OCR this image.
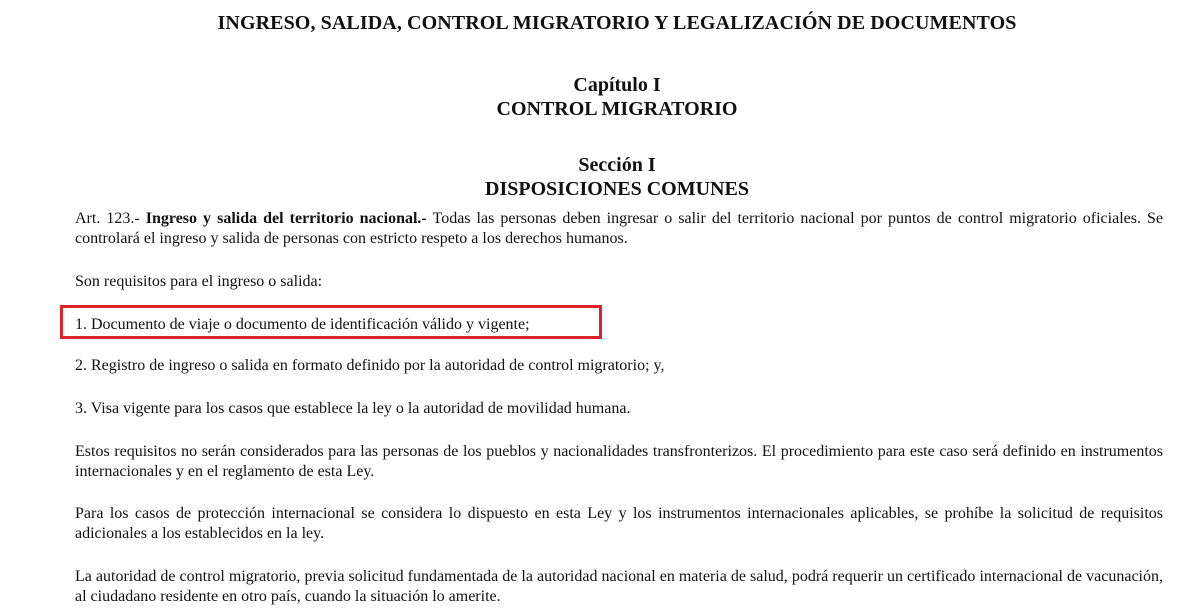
INGRESO, SALIDA, CONTROL MIGRATORIO Y LEGALIZACIÓN DE DOCUMENTOS
Capítulo I
CONTROL MIGRATORIO
Sección I
DISPOSICIONES COMUNES
Art. 123.- Ingreso y salida del territorio nacional.- Todas las personas deben ingresar o salir del territorio nacional por puntos de control migratorio oficiales. Se controlará el ingreso y salida de personas con estricto respeto a los derechos humanos.
Son requisitos para el ingreso o salida:
1. Documento de viaje o documento de identificación válido y vigente;
2. Registro de ingreso o salida en formato definido por la autoridad de control migratorio; y,
3. Visa vigente para los casos que establece la ley o la autoridad de movilidad humana.
Estos requisitos no serán considerados para las personas de los pueblos y nacionalidades transfronterizos. El procedimiento para este caso será definido en instrumentos internacionales y en el reglamento de esta Ley.
Para los casos de protección internacional se considera lo dispuesto en esta Ley y los instrumentos internacionales aplicables, se prohíbe la solicitud de requisitos adicionales a los establecidos en la ley.
La autoridad de control migratorio, previa solicitud fundamentada de la autoridad nacional en materia de salud, podrá requerir un certificado internacional de vacunación, al ciudadano residente en otro país, cuando la situación lo amerite.
